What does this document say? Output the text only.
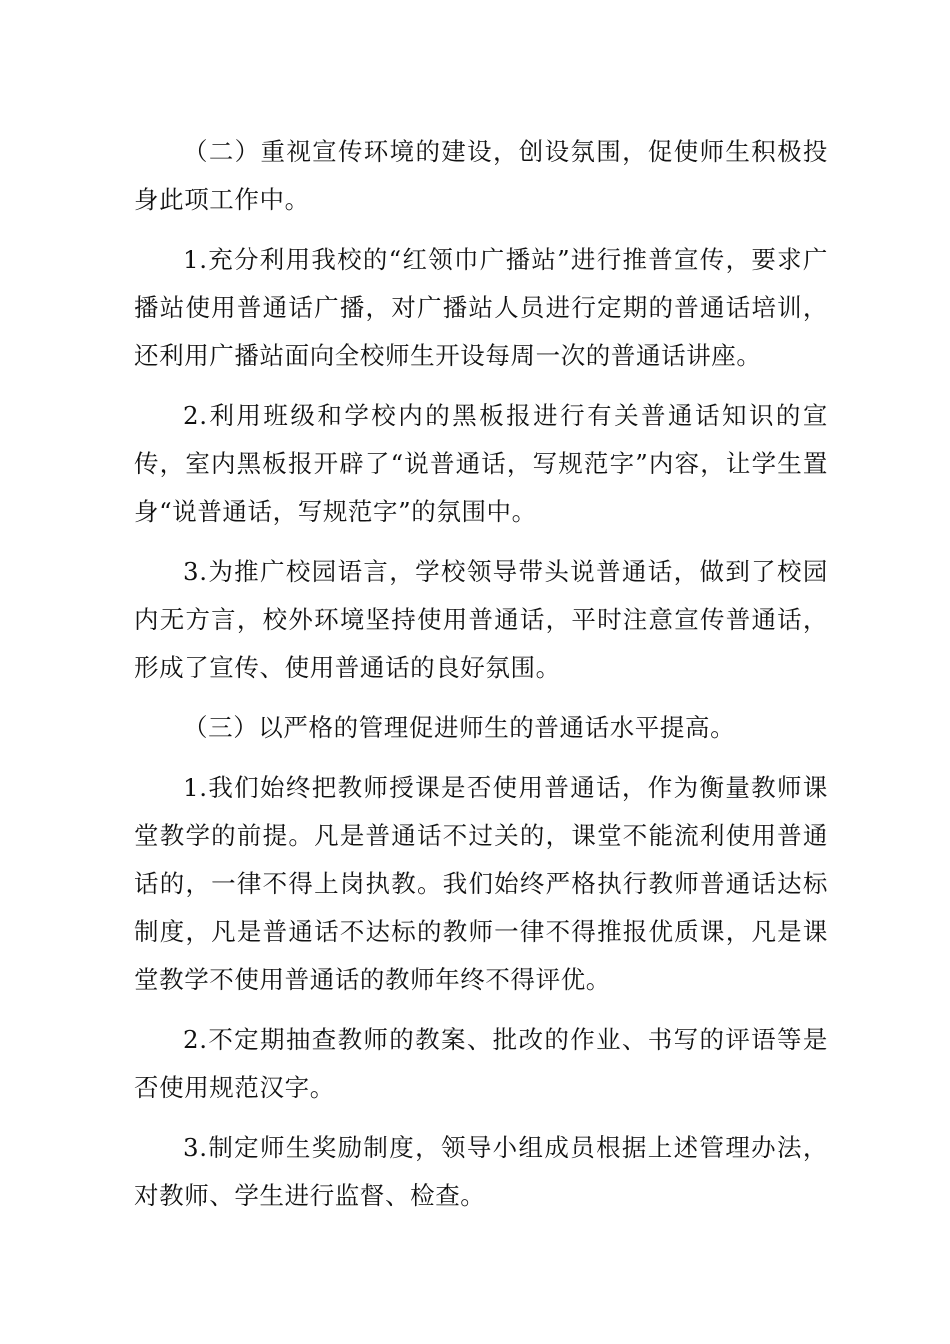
（二）重视宣传环境的建设，创设氛围，促使师生积极投身此项工作中。

1.充分利用我校的“红领巾广播站”进行推普宣传，要求广播站使用普通话广播，对广播站人员进行定期的普通话培训，还利用广播站面向全校师生开设每周一次的普通话讲座。

2.利用班级和学校内的黑板报进行有关普通话知识的宣传，室内黑板报开辟了“说普通话，写规范字”内容，让学生置身“说普通话，写规范字”的氛围中。

3.为推广校园语言，学校领导带头说普通话，做到了校园内无方言，校外环境坚持使用普通话，平时注意宣传普通话，形成了宣传、使用普通话的良好氛围。

（三）以严格的管理促进师生的普通话水平提高。

1.我们始终把教师授课是否使用普通话，作为衡量教师课堂教学的前提。凡是普通话不过关的，课堂不能流利使用普通话的，一律不得上岗执教。我们始终严格执行教师普通话达标制度，凡是普通话不达标的教师一律不得推报优质课，凡是课堂教学不使用普通话的教师年终不得评优。

2.不定期抽查教师的教案、批改的作业、书写的评语等是否使用规范汉字。

3.制定师生奖励制度，领导小组成员根据上述管理办法，对教师、学生进行监督、检查。
